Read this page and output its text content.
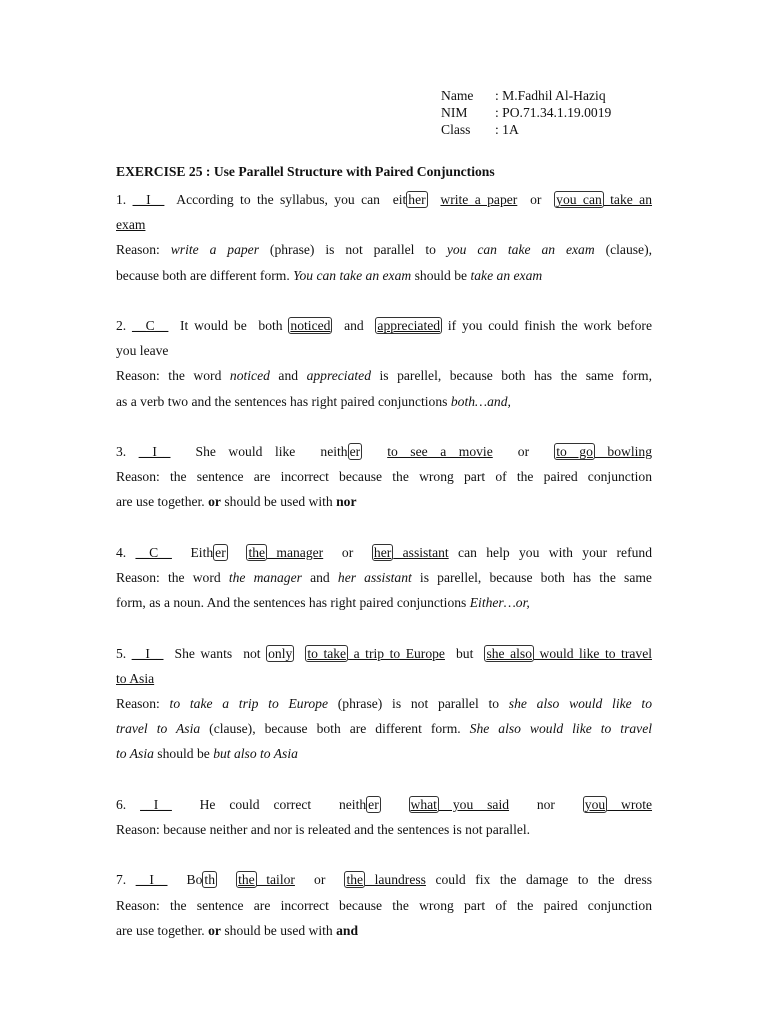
Name	: M.Fadhil Al-Haziq
NIM	: PO.71.34.1.19.0019
Class	: 1A
EXERCISE 25 : Use Parallel Structure with Paired Conjunctions
1. __I__  According to the syllabus, you can  eit her write a paper  or  you can take an
exam
Reason: write a paper (phrase) is not parallel to you can take an exam (clause),
because both are different form. You can take an exam should be take an exam
2. __C__  It would be  both noticed  and  appreciated if you could finish the work before
you leave
Reason: the word noticed and appreciated is parellel, because both has the same form,
as a verb two and the sentences has right paired conjunctions both…and,
3. __I__  She would like  neith er to see a movie  or  to go bowling
Reason: the sentence are incorrect because the wrong part of the paired conjunction
are use together. or should be used with nor
4. __C__  Eith er the manager  or  her assistant can help you with your refund
Reason: the word the manager and her assistant is parellel, because both has the same
form, as a noun. And the sentences has right paired conjunctions Either…or,
5. __I__  She wants  not only to take a trip to Europe  but  she also would like to travel
to Asia
Reason: to take a trip to Europe (phrase) is not parallel to she also would like to
travel to Asia (clause), because both are different form. She also would like to travel
to Asia should be but also to Asia
6. __I__  He could correct  neith er what you said  nor  you wrote
Reason: because neither and nor is releated and the sentences is not parallel.
7. __I__  Bo th the tailor  or  the laundress could fix the damage to the dress
Reason: the sentence are incorrect because the wrong part of the paired conjunction
are use together. or should be used with and
